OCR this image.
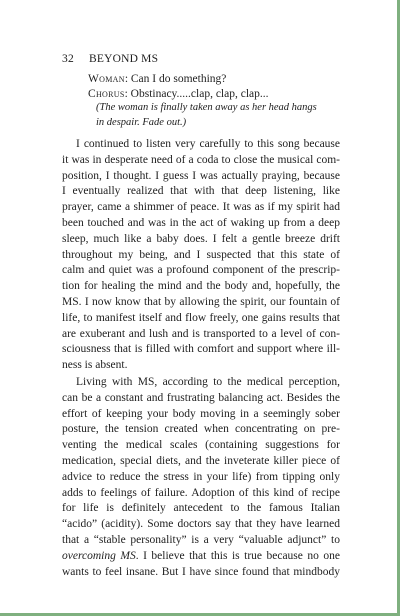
32 BEYOND MS
Woman: Can I do something?
Chorus: Obstinacy.....clap, clap, clap...
(The woman is finally taken away as her head hangs
in despair. Fade out.)
I continued to listen very carefully to this song because
it was in desperate need of a coda to close the musical com-
position, I thought. I guess I was actually praying, because
I eventually realized that with that deep listening, like
prayer, came a shimmer of peace. It was as if my spirit had
been touched and was in the act of waking up from a deep
sleep, much like a baby does. I felt a gentle breeze drift
throughout my being, and I suspected that this state of
calm and quiet was a profound component of the prescrip-
tion for healing the mind and the body and, hopefully, the
MS. I now know that by allowing the spirit, our fountain of
life, to manifest itself and flow freely, one gains results that
are exuberant and lush and is transported to a level of con-
sciousness that is filled with comfort and support where ill-
ness is absent.
Living with MS, according to the medical perception,
can be a constant and frustrating balancing act. Besides the
effort of keeping your body moving in a seemingly sober
posture, the tension created when concentrating on pre-
venting the medical scales (containing suggestions for
medication, special diets, and the inveterate killer piece of
advice to reduce the stress in your life) from tipping only
adds to feelings of failure. Adoption of this kind of recipe
for life is definitely antecedent to the famous Italian
“acido” (acidity). Some doctors say that they have learned
that a “stable personality” is a very “valuable adjunct” to
overcoming MS. I believe that this is true because no one
wants to feel insane. But I have since found that mindbody
